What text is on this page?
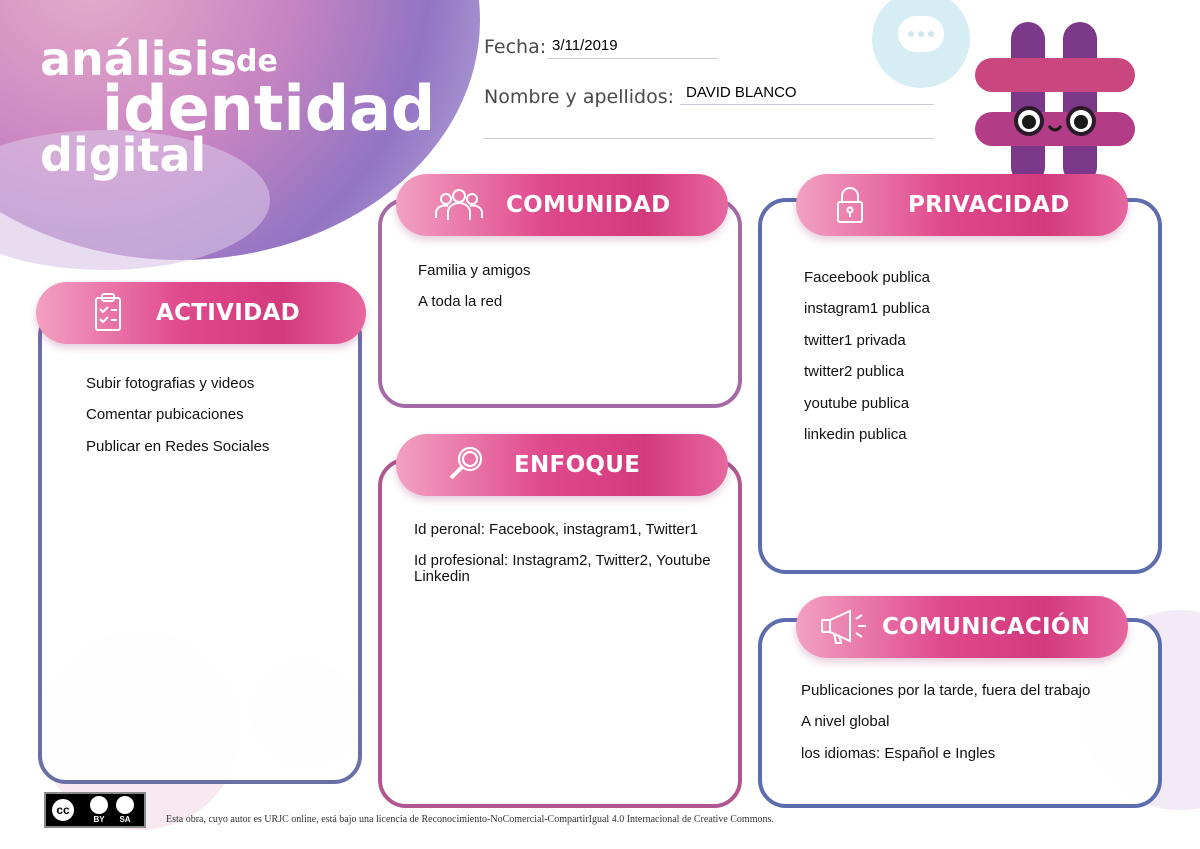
análisis de
identidad
digital
Fecha: 3/11/2019
Nombre y apellidos: DAVID BLANCO
ACTIVIDAD
Subir fotografias y videos
Comentar pubicaciones
Publicar en Redes Sociales
COMUNIDAD
Familia y amigos
A toda la red
ENFOQUE
Id peronal: Facebook, instagram1, Twitter1
Id profesional: Instagram2, Twitter2, Youtube Linkedin
PRIVACIDAD
Faceebook publica
instagram1 publica
twitter1 privada
twitter2 publica
youtube publica
linkedin publica
COMUNICACIÓN
Publicaciones por la tarde, fuera del trabajo
A nivel global
los idiomas: Español e Ingles
cc
BY	SA	Esta obra, cuyo autor es URJC online, está bajo una licencia de Reconocimiento-NoComercial-CompartirIgual 4.0 Internacional de Creative Commons.
